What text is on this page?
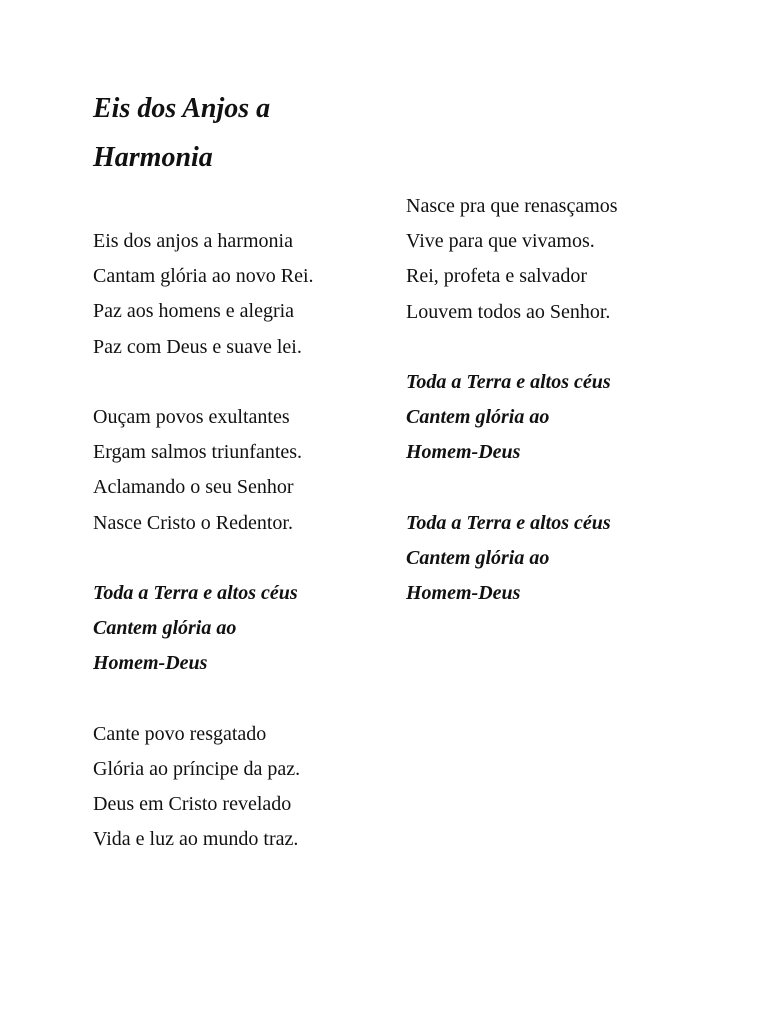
Eis dos Anjos a
Harmonia
Eis dos anjos a harmonia
Cantam glória ao novo Rei.
Paz aos homens e alegria
Paz com Deus e suave lei.
Ouçam povos exultantes
Ergam salmos triunfantes.
Aclamando o seu Senhor
Nasce Cristo o Redentor.
Toda a Terra e altos céus
Cantem glória ao
Homem-Deus
Cante povo resgatado
Glória ao príncipe da paz.
Deus em Cristo revelado
Vida e luz ao mundo traz.
Nasce pra que renasçamos
Vive para que vivamos.
Rei, profeta e salvador
Louvem todos ao Senhor.
Toda a Terra e altos céus
Cantem glória ao
Homem-Deus
Toda a Terra e altos céus
Cantem glória ao
Homem-Deus
